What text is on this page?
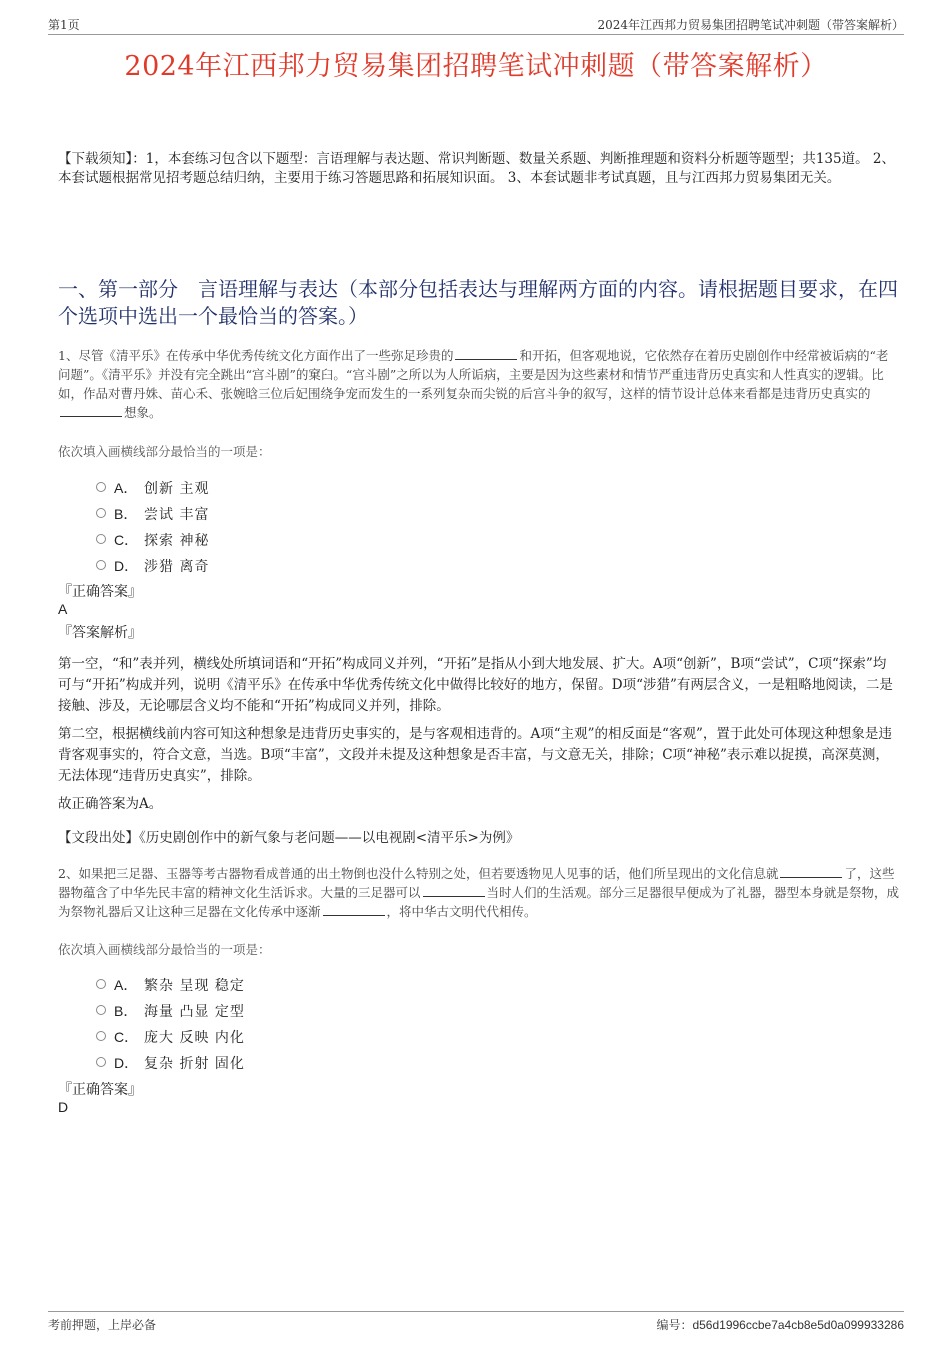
第1页	2024年江西邦力贸易集团招聘笔试冲刺题（带答案解析）
2024年江西邦力贸易集团招聘笔试冲刺题（带答案解析）
【下载须知】：1，本套练习包含以下题型：言语理解与表达题、常识判断题、数量关系题、判断推理题和资料分析题等题型；共135道。 2、本套试题根据常见招考题总结归纳，主要用于练习答题思路和拓展知识面。 3、本套试题非考试真题，且与江西邦力贸易集团无关。
一、第一部分　言语理解与表达（本部分包括表达与理解两方面的内容。请根据题目要求，在四个选项中选出一个最恰当的答案。）
1、尽管《清平乐》在传承中华优秀传统文化方面作出了一些弥足珍贵的	和开拓，但客观地说，它依然存在着历史剧创作中经常被诟病的“老问题”。《清平乐》并没有完全跳出“宫斗剧”的窠臼。“宫斗剧”之所以为人所诟病，主要是因为这些素材和情节严重违背历史真实和人性真实的逻辑。比如，作品对曹丹姝、苗心禾、张婉晗三位后妃围绕争宠而发生的一系列复杂而尖锐的后宫斗争的叙写，这样的情节设计总体来看都是违背历史真实的想象。
依次填入画横线部分最恰当的一项是：
A． 创新 主观
B． 尝试 丰富
C． 探索 神秘
D． 涉猎 离奇
『正确答案』
A
『答案解析』
第一空，“和”表并列，横线处所填词语和“开拓”构成同义并列，“开拓”是指从小到大地发展、扩大。A项“创新”，B项“尝试”，C项“探索”均可与“开拓”构成并列，说明《清平乐》在传承中华优秀传统文化中做得比较好的地方，保留。D项“涉猎”有两层含义，一是粗略地阅读，二是接触、涉及，无论哪层含义均不能和“开拓”构成同义并列，排除。
第二空，根据横线前内容可知这种想象是违背历史事实的，是与客观相违背的。A项“主观”的相反面是“客观”，置于此处可体现这种想象是违背客观事实的，符合文意，当选。B项“丰富”，文段并未提及这种想象是否丰富，与文意无关，排除；C项“神秘”表示难以捉摸，高深莫测，无法体现“违背历史真实”，排除。
故正确答案为A。
【文段出处】《历史剧创作中的新气象与老问题——以电视剧<清平乐>为例》
2、如果把三足器、玉器等考古器物看成普通的出土物倒也没什么特别之处，但若要透物见人见事的话，他们所呈现出的文化信息就	了，这些器物蕴含了中华先民丰富的精神文化生活诉求。大量的三足器可以	当时人们的生活观。部分三足器很早便成为了礼器，器型本身就是祭物，成为祭物礼器后又让这种三足器在文化传承中逐渐	，将中华古文明代代相传。
依次填入画横线部分最恰当的一项是：
A． 繁杂 呈现 稳定
B． 海量 凸显 定型
C． 庞大 反映 内化
D． 复杂 折射 固化
『正确答案』
D
考前押题，上岸必备	编号：d56d1996ccbe7a4cb8e5d0a099933286
